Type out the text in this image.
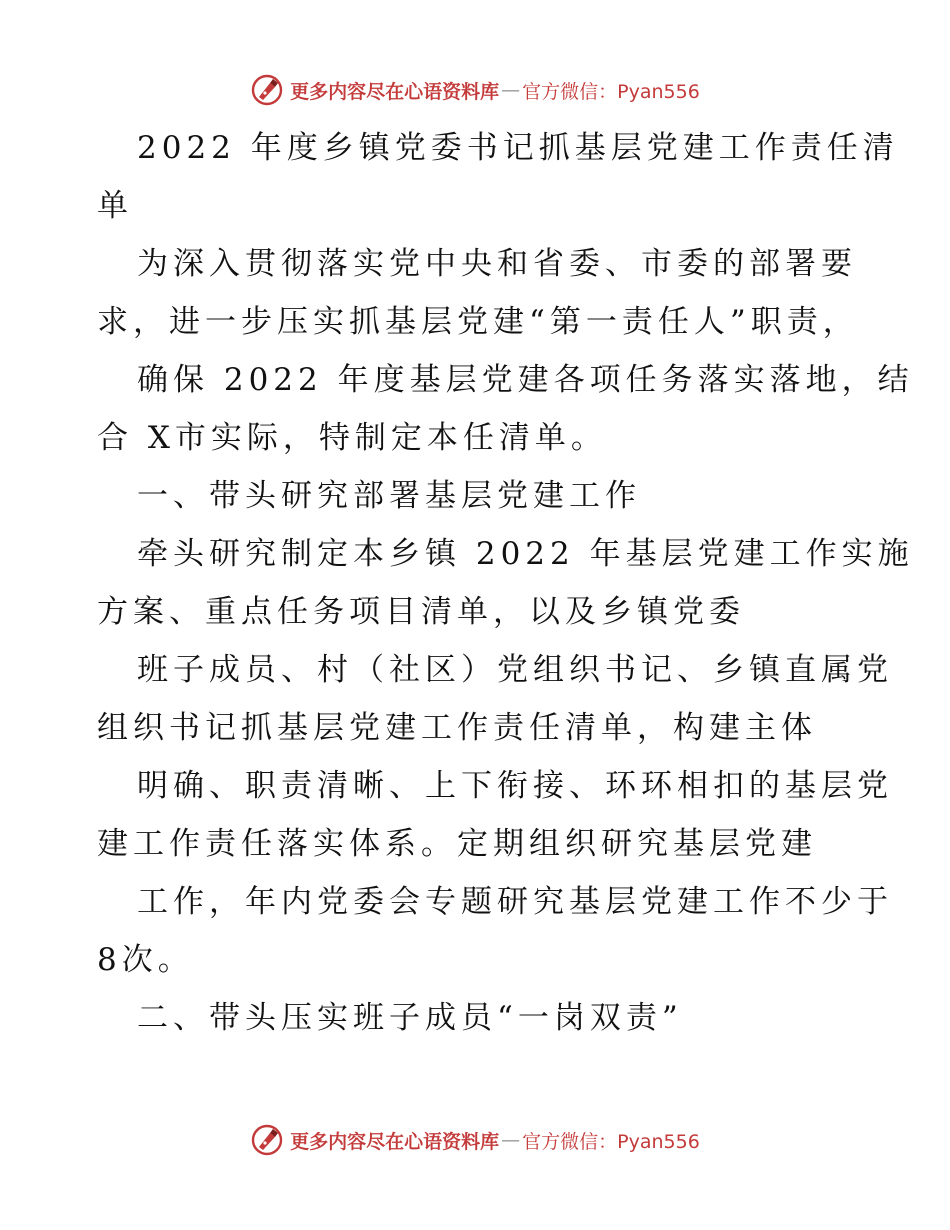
更多内容尽在心语资料库 — 官方微信：Pyan556
2022 年度乡镇党委书记抓基层党建工作责任清
单
为深入贯彻落实党中央和省委、市委的部署要
求，进一步压实抓基层党建“第一责任人”职责，
确保 2022 年度基层党建各项任务落实落地，结
合 X市实际，特制定本任清单。
一、带头研究部署基层党建工作
牵头研究制定本乡镇 2022 年基层党建工作实施
方案、重点任务项目清单，以及乡镇党委
班子成员、村（社区）党组织书记、乡镇直属党
组织书记抓基层党建工作责任清单，构建主体
明确、职责清晰、上下衔接、环环相扣的基层党
建工作责任落实体系。定期组织研究基层党建
工作，年内党委会专题研究基层党建工作不少于
8次。
二、带头压实班子成员“一岗双责”
更多内容尽在心语资料库 — 官方微信：Pyan556
